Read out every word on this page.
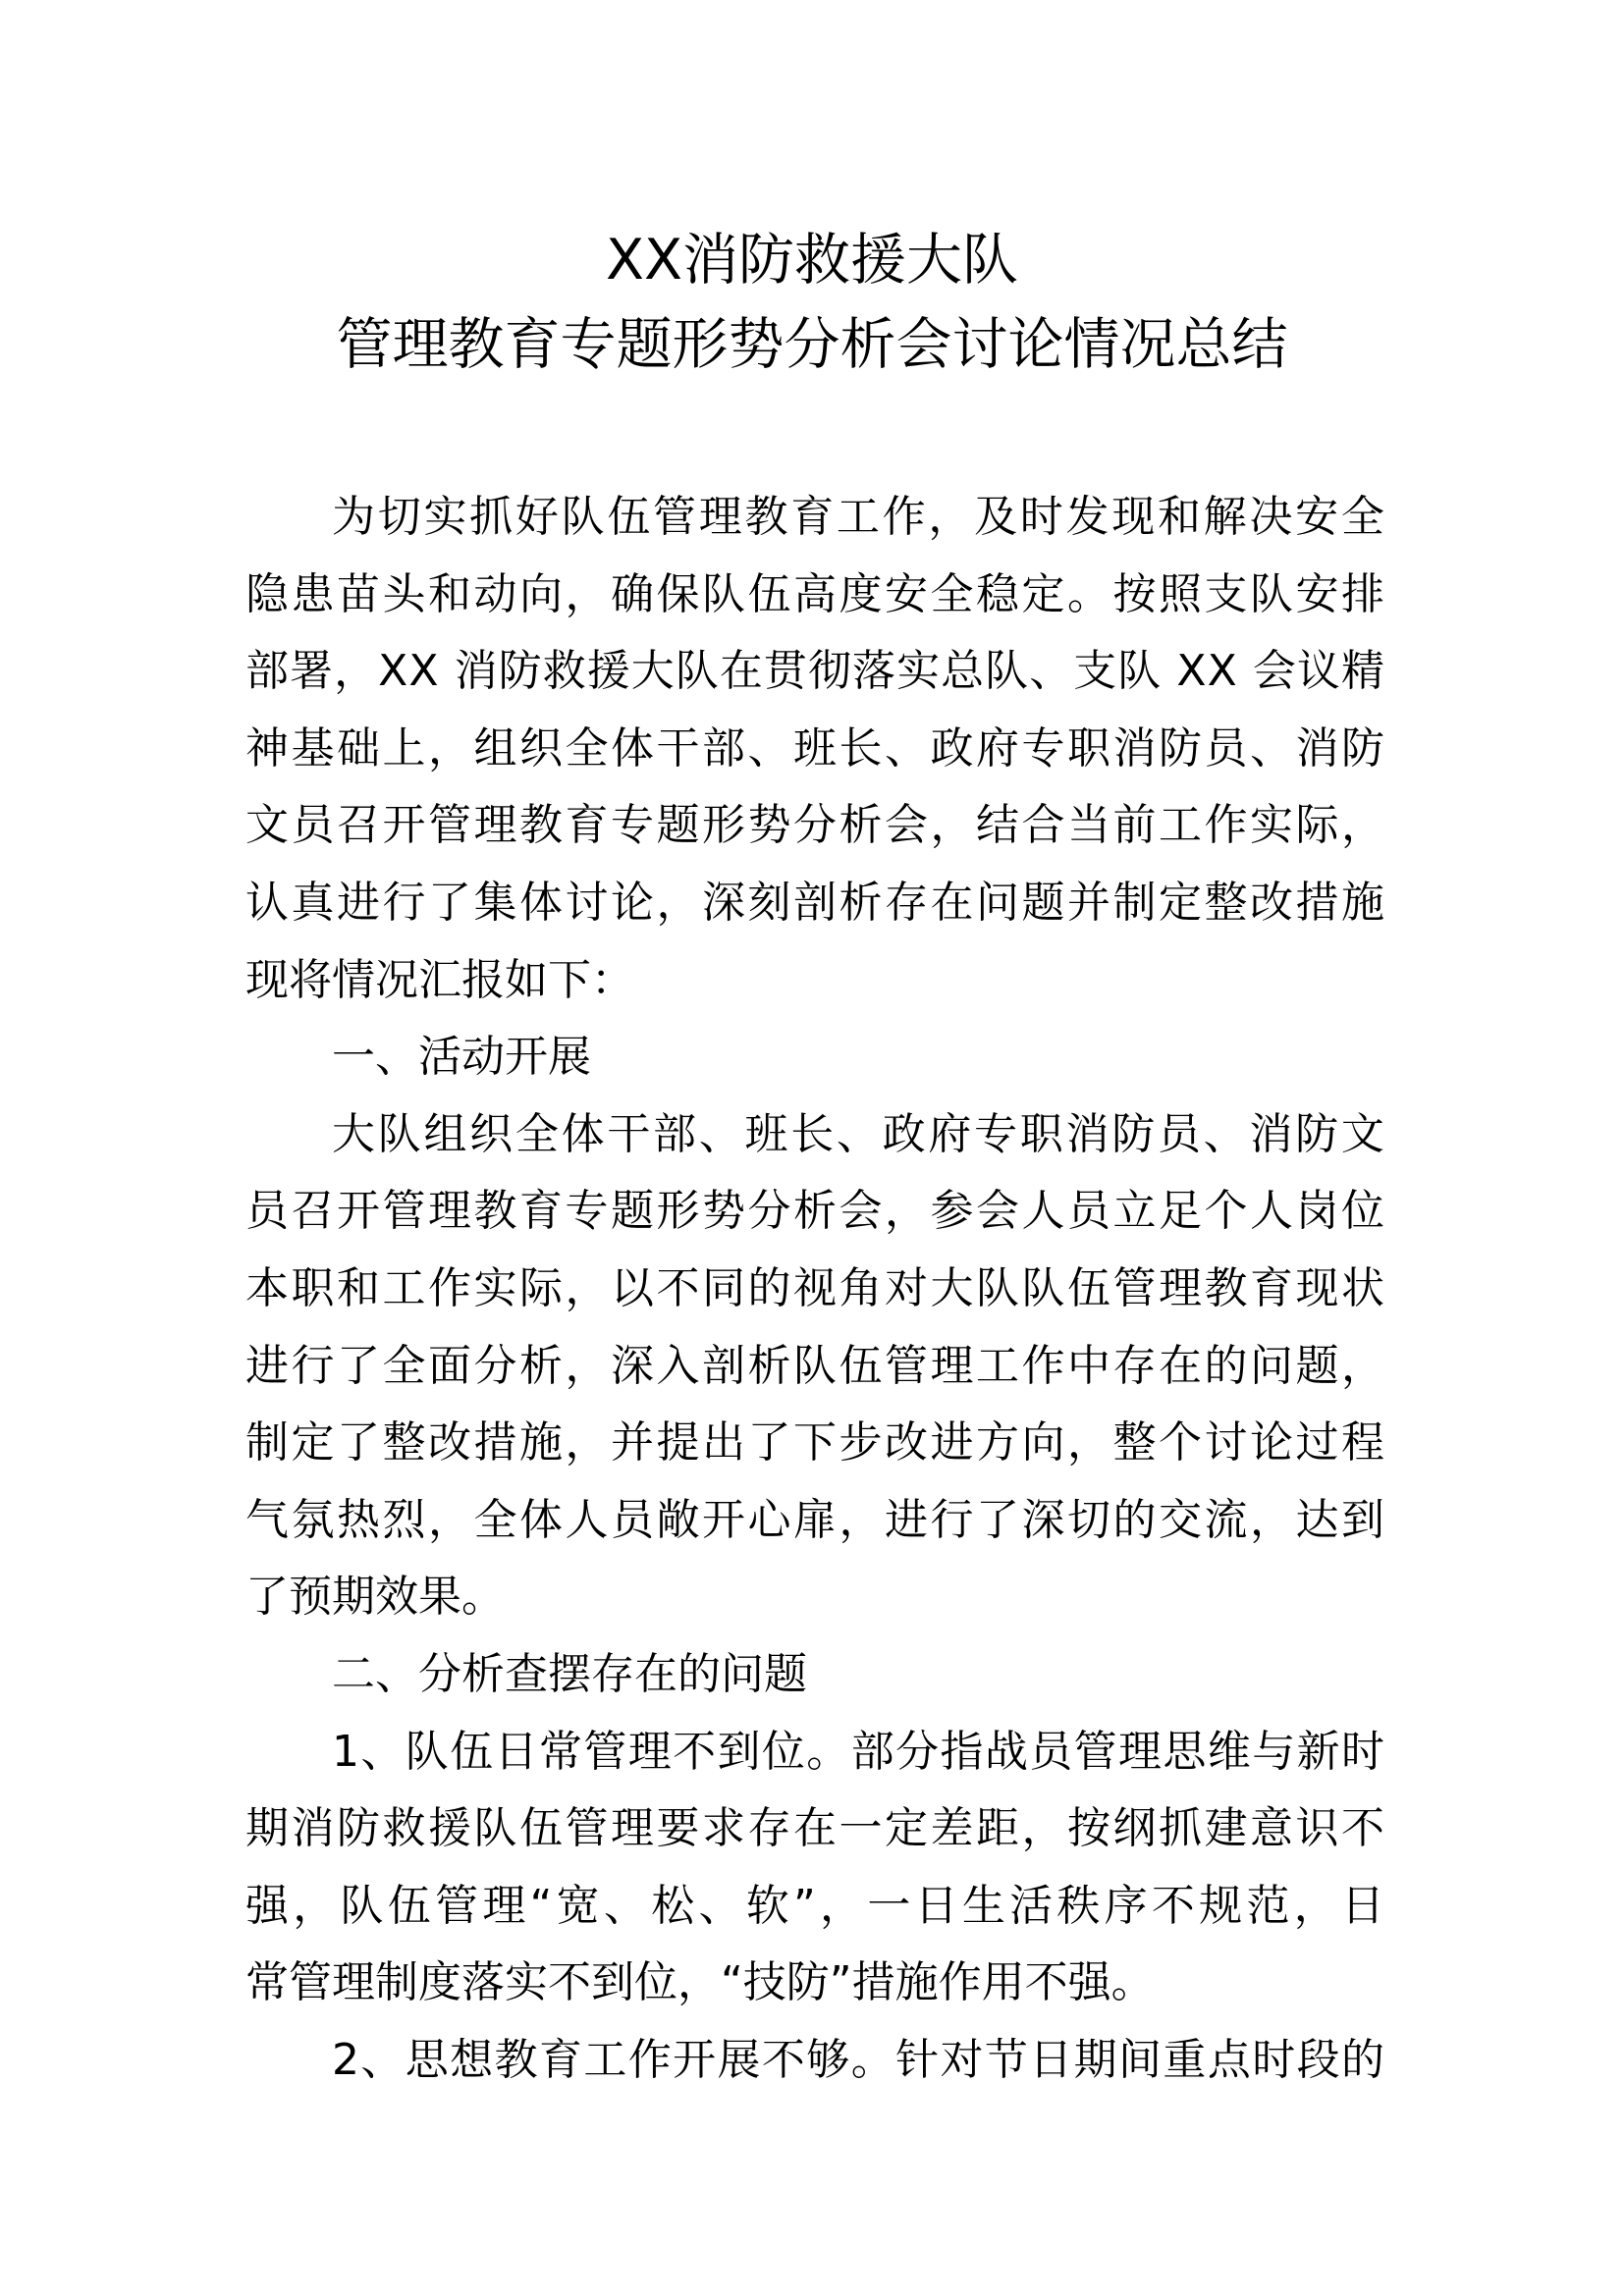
XX消防救援大队
管理教育专题形势分析会讨论情况总结
为 切 实 抓 好 队 伍 管 理 教 育 工 作 ， 及 时 发 现 和 解 决 安 全
隐 患 苗 头 和 动 向 ， 确 保 队 伍 高 度 安 全 稳 定 。 按 照 支 队 安 排
部 署 ， X X
消 防 救 援 大 队 在 贯 彻 落 实 总 队 、 支 队
X X
会 议 精
神 基 础 上 ， 组 织 全 体 干 部 、 班 长 、 政 府 专 职 消 防 员 、 消 防
文 员 召 开 管 理 教 育 专 题 形 势 分 析 会 ， 结 合 当 前 工 作 实 际 ，
认 真 进 行 了 集 体 讨 论 ， 深 刻 剖 析 存 在 问 题 并 制 定 整 改 措 施
现将情况汇报如下：
一、活动开展
大 队 组 织 全 体 干 部 、 班 长 、 政 府 专 职 消 防 员 、 消 防 文
员 召 开 管 理 教 育 专 题 形 势 分 析 会 ， 参 会 人 员 立 足 个 人 岗 位
本 职 和 工 作 实 际 ， 以 不 同 的 视 角 对 大 队 队 伍 管 理 教 育 现 状
进 行 了 全 面 分 析 ， 深 入 剖 析 队 伍 管 理 工 作 中 存 在 的 问 题 ，
制 定 了 整 改 措 施 ， 并 提 出 了 下 步 改 进 方 向 ， 整 个 讨 论 过 程
气 氛 热 烈 ， 全 体 人 员 敞 开 心 扉 ， 进 行 了 深 切 的 交 流 ， 达 到
了预期效果。
二、分析查摆存在的问题
1 、 队 伍 日 常 管 理 不 到 位 。 部 分 指 战 员 管 理 思 维 与 新 时
期 消 防 救 援 队 伍 管 理 要 求 存 在 一 定 差 距 ， 按 纲 抓 建 意 识 不
强 ， 队 伍 管 理 “ 宽 、 松 、 软 ” ， 一 日 生 活 秩 序 不 规 范 ， 日
常管理制度落实不到位，“技防”措施作用不强。
2 、 思 想 教 育 工 作 开 展 不 够 。 针 对 节 日 期 间 重 点 时 段 的
